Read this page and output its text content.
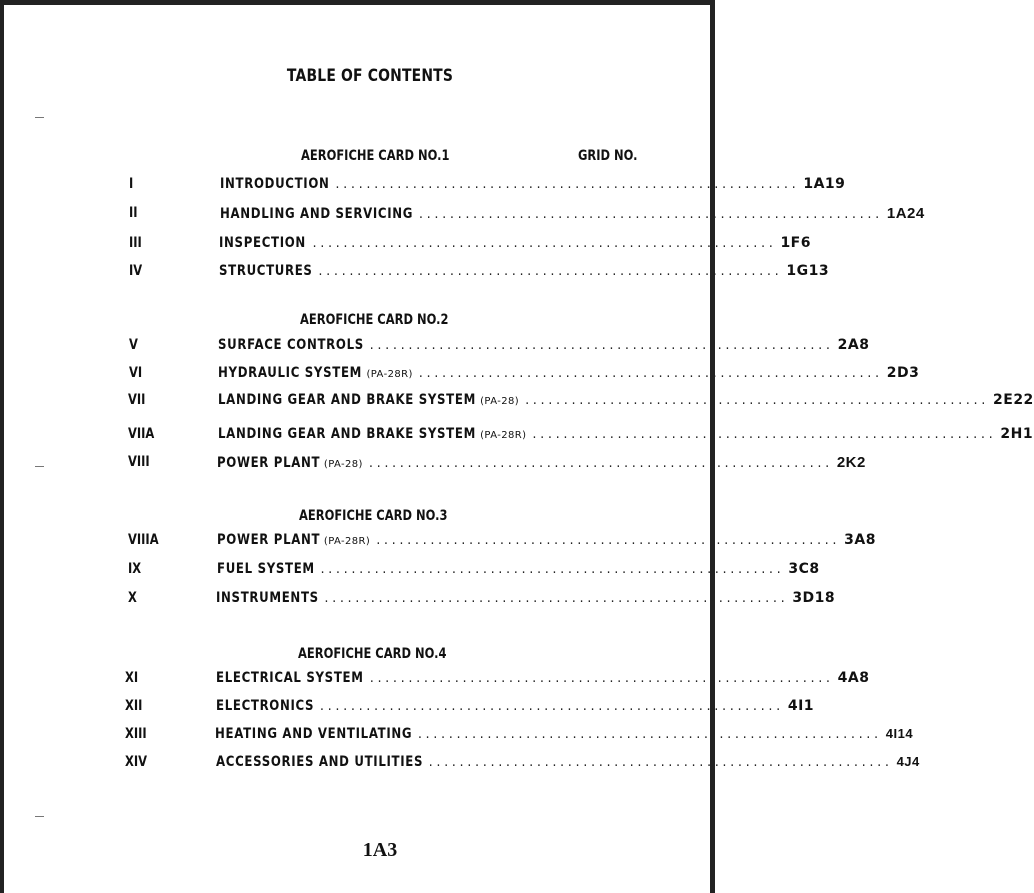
TABLE OF CONTENTS
GRID NO.
AEROFICHE CARD NO.1
I	INTRODUCTION ............................................................ 1A19
II	HANDLING AND SERVICING ............................................................ 1A24
III	INSPECTION ............................................................ 1F6
IV	STRUCTURES ............................................................ 1G13
AEROFICHE CARD NO.2
V	SURFACE CONTROLS ............................................................ 2A8
VI	HYDRAULIC SYSTEM (PA-28R) ............................................................ 2D3
VII	LANDING GEAR AND BRAKE SYSTEM (PA-28) ............................................................ 2E22
VIIA	LANDING GEAR AND BRAKE SYSTEM (PA-28R) ............................................................ 2H1
VIII	POWER PLANT (PA-28) ............................................................ 2K2
AEROFICHE CARD NO.3
VIIIA	POWER PLANT (PA-28R) ............................................................ 3A8
IX	FUEL SYSTEM ............................................................ 3C8
X	INSTRUMENTS ............................................................ 3D18
AEROFICHE CARD NO.4
XI	ELECTRICAL SYSTEM ............................................................ 4A8
XII	ELECTRONICS ............................................................ 4I1
XIII	HEATING AND VENTILATING ............................................................ 4I14
XIV	ACCESSORIES AND UTILITIES ............................................................ 4J4
1A3
